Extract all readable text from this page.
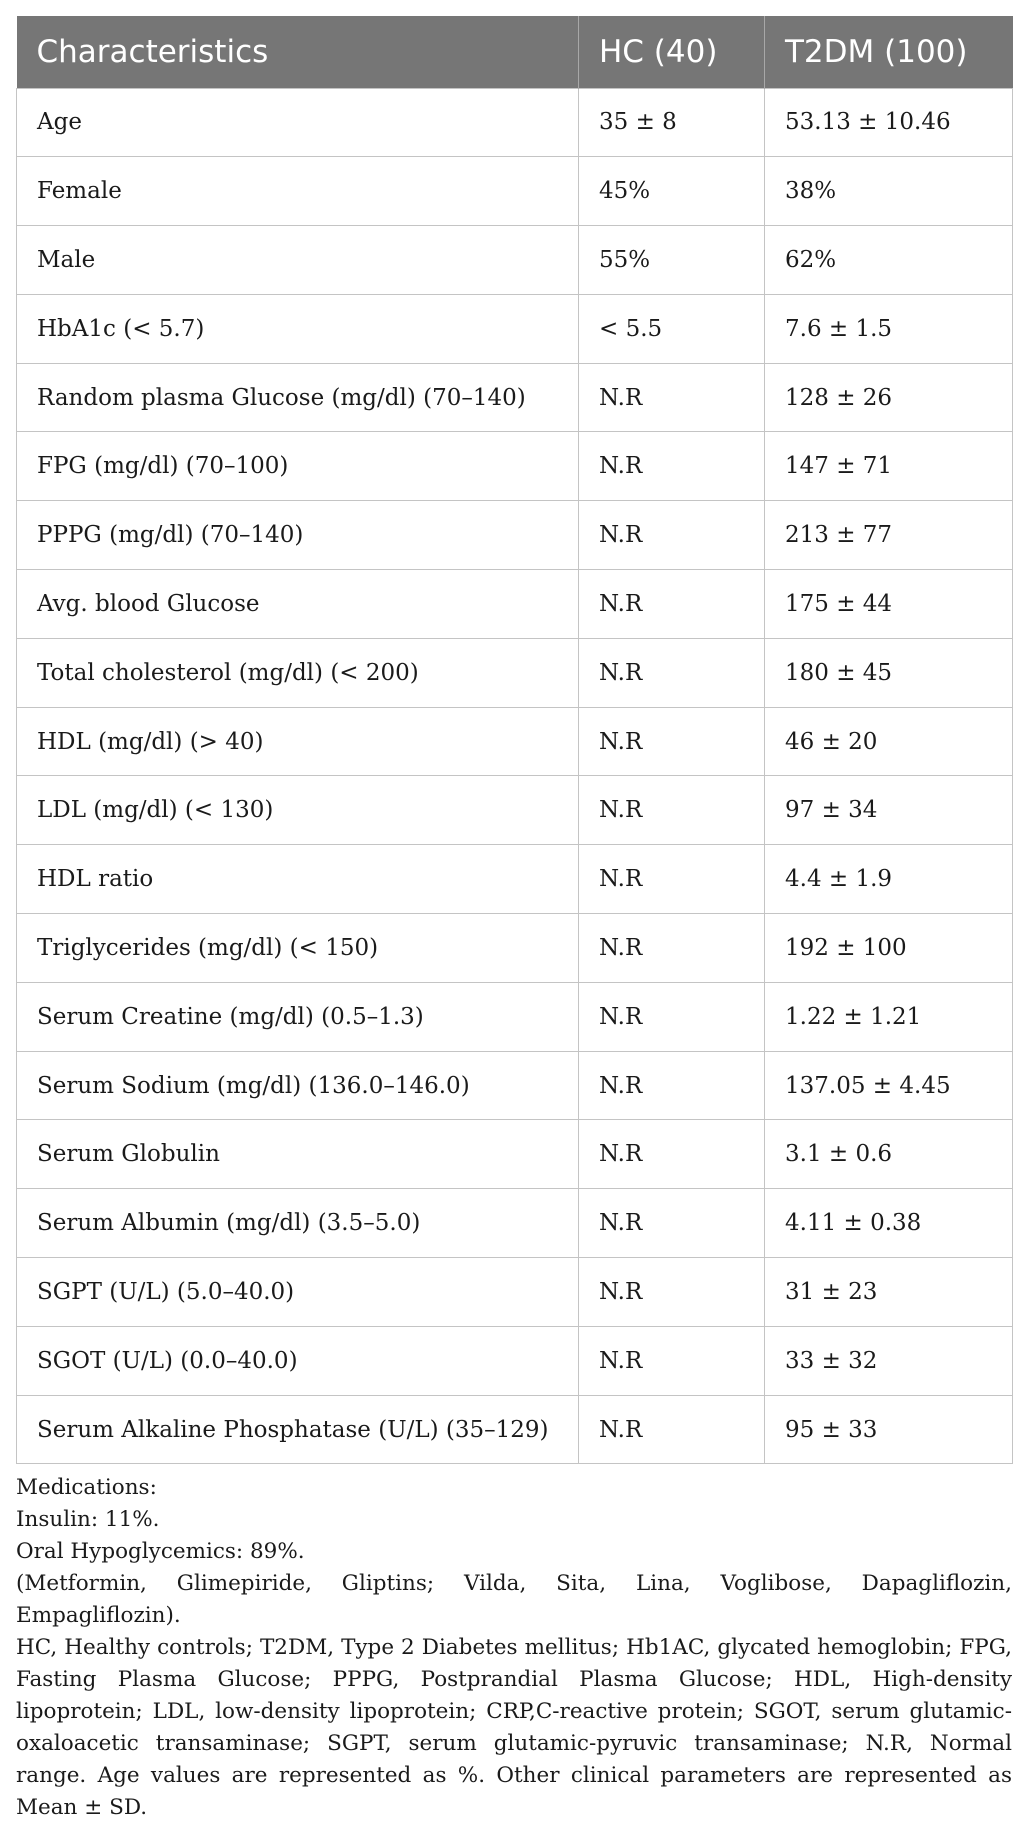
Characteristics	HC (40)	T2DM (100)
Age	35 ± 8	53.13 ± 10.46
Female	45%	38%
Male	55%	62%
HbA1c (< 5.7)	< 5.5	7.6 ± 1.5
Random plasma Glucose (mg/dl) (70–140)	N.R	128 ± 26
FPG (mg/dl) (70–100)	N.R	147 ± 71
PPPG (mg/dl) (70–140)	N.R	213 ± 77
Avg. blood Glucose	N.R	175 ± 44
Total cholesterol (mg/dl) (< 200)	N.R	180 ± 45
HDL (mg/dl) (> 40)	N.R	46 ± 20
LDL (mg/dl) (< 130)	N.R	97 ± 34
HDL ratio	N.R	4.4 ± 1.9
Triglycerides (mg/dl) (< 150)	N.R	192 ± 100
Serum Creatine (mg/dl) (0.5–1.3)	N.R	1.22 ± 1.21
Serum Sodium (mg/dl) (136.0–146.0)	N.R	137.05 ± 4.45
Serum Globulin	N.R	3.1 ± 0.6
Serum Albumin (mg/dl) (3.5–5.0)	N.R	4.11 ± 0.38
SGPT (U/L) (5.0–40.0)	N.R	31 ± 23
SGOT (U/L) (0.0–40.0)	N.R	33 ± 32
Serum Alkaline Phosphatase (U/L) (35–129)	N.R	95 ± 33

Medications:

Insulin: 11%.

Oral Hypoglycemics: 89%.

(Metformin, Glimepiride, Gliptins; Vilda, Sita, Lina, Voglibose, Dapagliflozin, Empagliflozin).

HC, Healthy controls; T2DM, Type 2 Diabetes mellitus; Hb1AC, glycated hemoglobin; FPG, Fasting Plasma Glucose; PPPG, Postprandial Plasma Glucose; HDL, High-density lipoprotein; LDL, low-density lipoprotein; CRP,C-reactive protein; SGOT, serum glutamic-oxaloacetic transaminase; SGPT, serum glutamic-pyruvic transaminase; N.R, Normal range. Age values are represented as %. Other clinical parameters are represented as Mean ± SD.
